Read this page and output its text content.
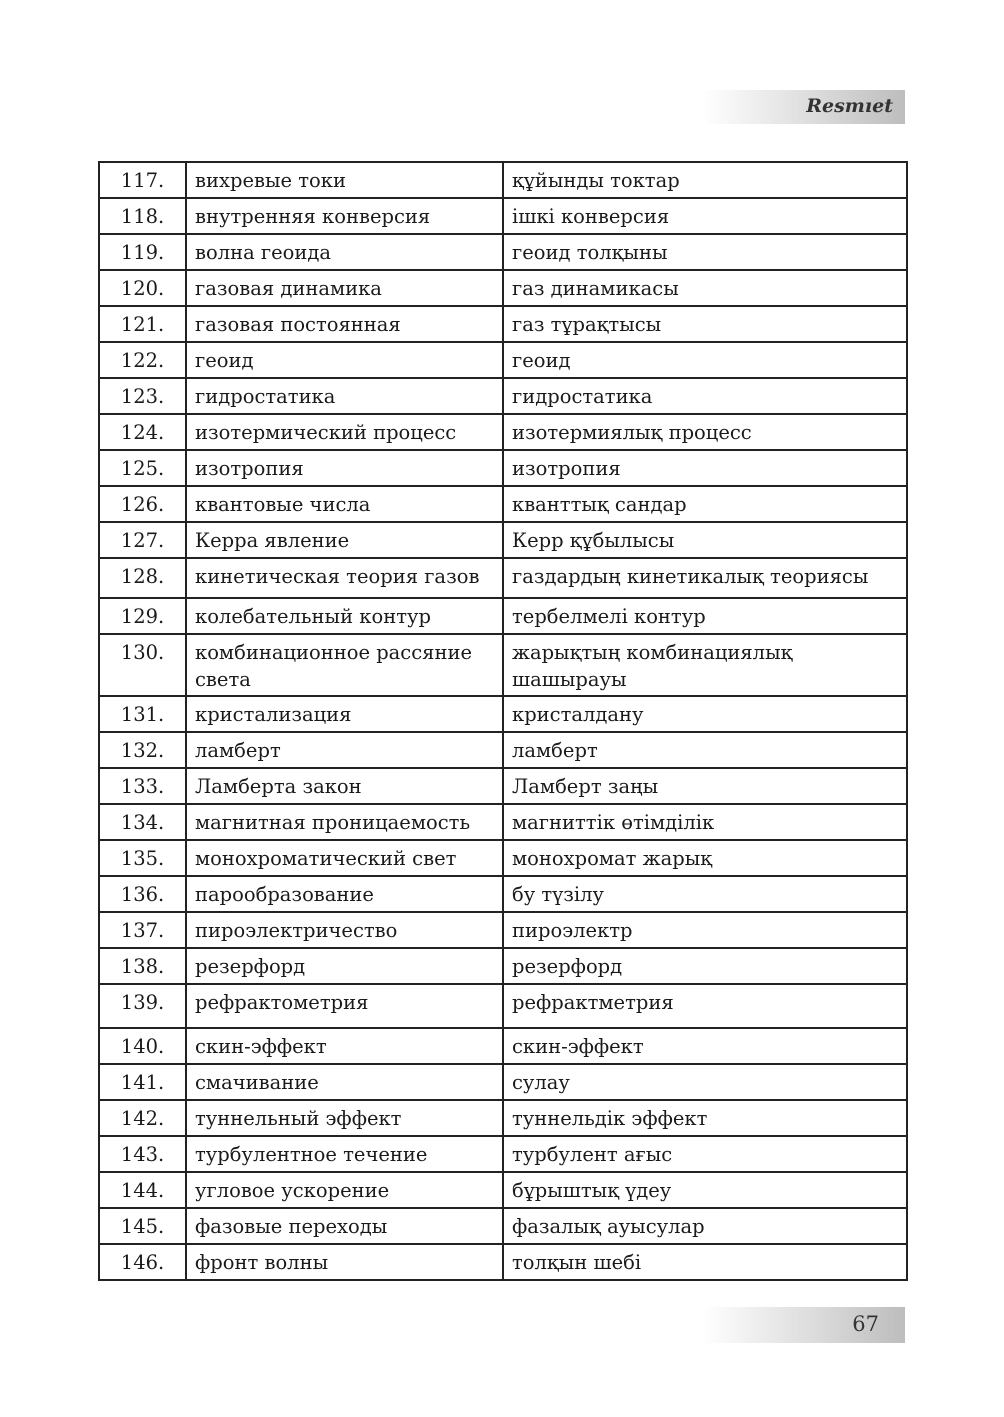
Resmıet
117.	вихревые токи	құйынды токтар
118.	внутренняя конверсия	ішкі конверсия
119.	волна геоида	геоид толқыны
120.	газовая динамика	газ динамикасы
121.	газовая постоянная	газ тұрақтысы
122.	геоид	геоид
123.	гидростатика	гидростатика
124.	изотермический процесс	изотермиялық процесс
125.	изотропия	изотропия
126.	квантовые числа	кванттық сандар
127.	Керра явление	Керр құбылысы
128.	кинетическая теория газов	газдардың кинетикалық теориясы
129.	колебательный контур	тербелмелі контур
130.	комбинационное рассяние света	жарықтың комбинациялық шашырауы
131.	кристализация	кристалдану
132.	ламберт	ламберт
133.	Ламберта закон	Ламберт заңы
134.	магнитная проницаемость	магниттік өтімділік
135.	монохроматический свет	монохромат жарық
136.	парообразование	бу түзілу
137.	пироэлектричество	пироэлектр
138.	резерфорд	резерфорд
139.	рефрактометрия	рефрактметрия
140.	скин-эффект	скин-эффект
141.	смачивание	сулау
142.	туннельный эффект	туннельдік эффект
143.	турбулентное течение	турбулент ағыс
144.	угловое ускорение	бұрыштық үдеу
145.	фазовые переходы	фазалық ауысулар
146.	фронт волны	толқын шебі
67
